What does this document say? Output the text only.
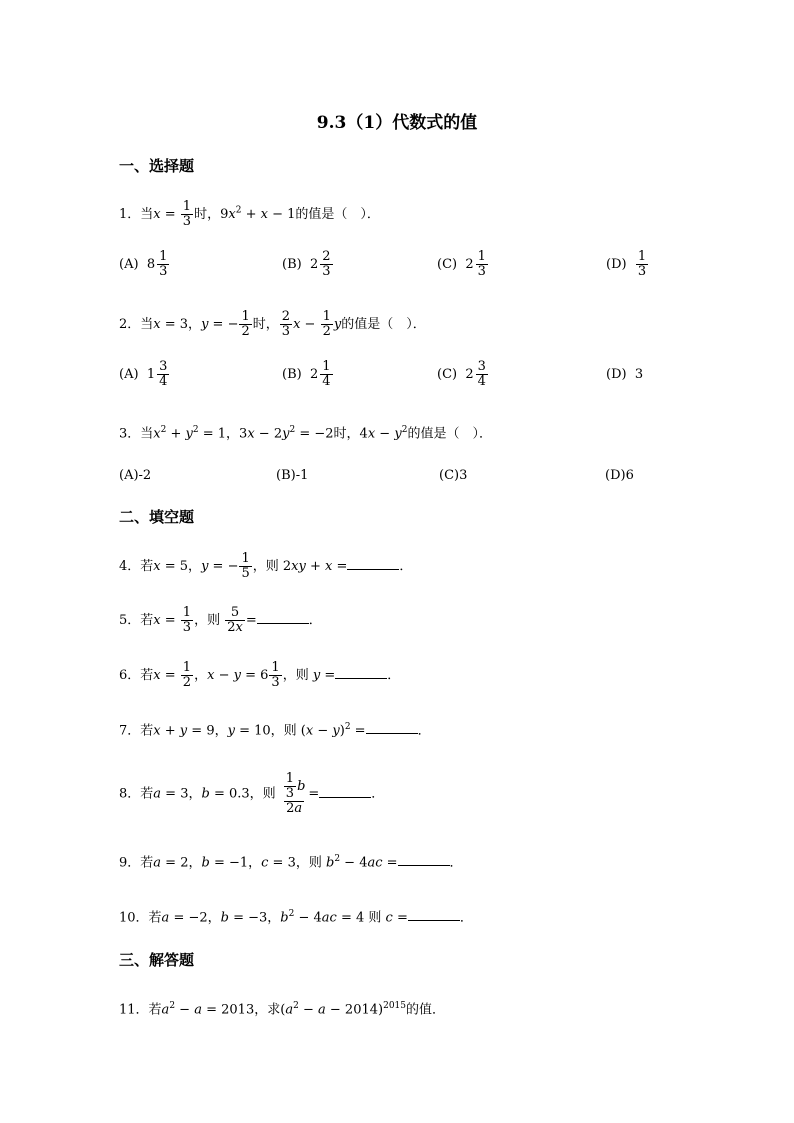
9.3（1）代数式的值
一、选择题
1．当$x = \frac{1}{3}$ 时，$9x^2 + x - 1$的值是（　）．
(A) $8 \frac{1}{3}$	(B) $2 \frac{2}{3}$	(C) $2 \frac{1}{3}$	$(D) \frac{1}{3}$
2．当x = 3，y = − $\frac{1}{2}$ 时， $\frac{2}{3}$ $x - \frac{1}{2}$ y的值是（　）．
(A) $1 \frac{3}{4}$	(B) $2 \frac{1}{4}$	(C) $2 \frac{3}{4}$	(D) 3
3．当$x^2 + y^2 = 1$，$3x - 2y^2 = -2$时，$4x - y^2$的值是（　）．
(A)-2	(B)-1	(C)3	(D)6
二、填空题
4．若x = 5，y = − $\frac{1}{5}$ ，则 2xy + x =	．
5．若$x = \frac{1}{3}$ ，则 $\frac{5}{2x}$ =	．
6．若$x = \frac{1}{2}$ ，$x - y = 6 \frac{1}{3}$ ，则 y =	．
7．若x + y = 9，y = 10，则 $(x - y)^2$ =	．
8．若a = 3，b = 0.3，则 $\frac{\frac{1}{3} b}{2a}$ =	．
9．若a = 2，b = −1，c = 3，则 $b^2 - 4ac$ =	．
10．若a = −2，b = −3，$b^2 - 4ac = 4$ 则 c =	．
三、解答题
11．若$a^2 - a = 2013$，求$(a^2 - a - 2014)^{2015}$的值．
